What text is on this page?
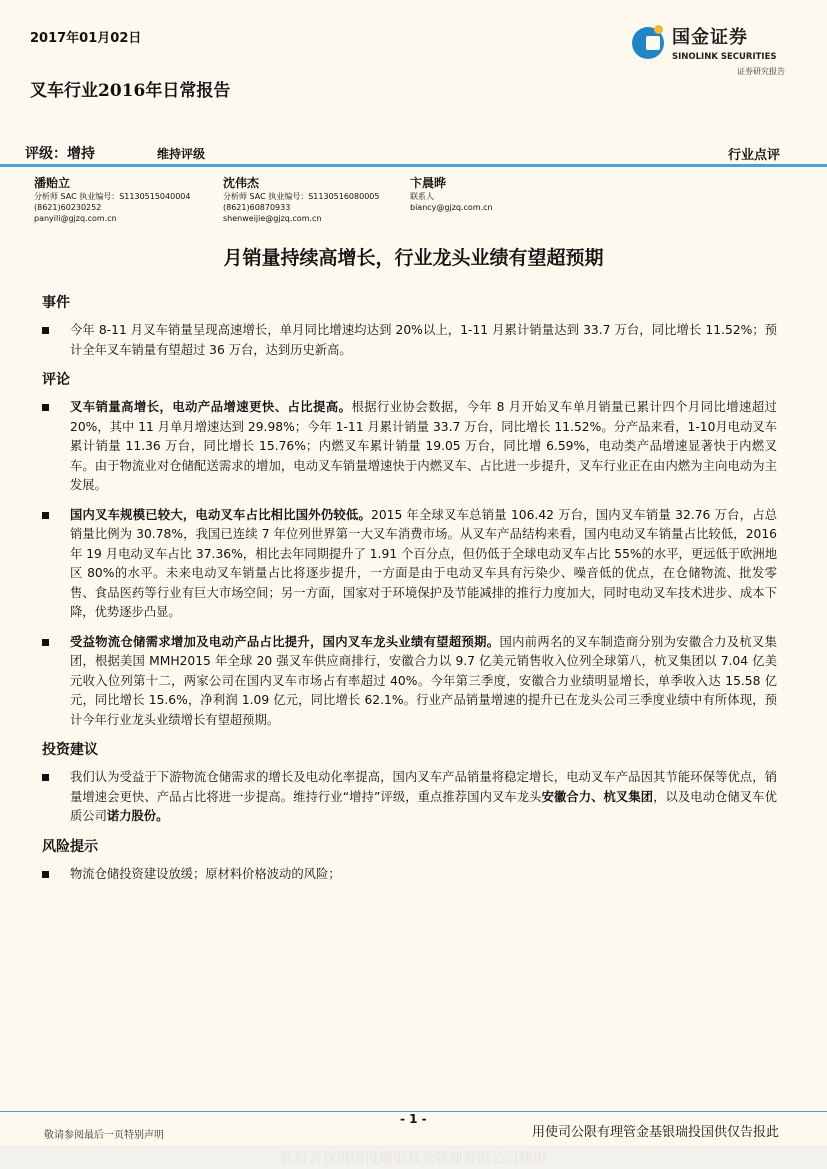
2017年01月02日	国金证券
SINOLINK SECURITIES
证券研究报告
叉车行业2016年日常报告
评级：增持	维持评级	行业点评
潘贻立
分析师 SAC 执业编号：S1130515040004
(8621)60230252
panyili@gjzq.com.cn
沈伟杰
分析师 SAC 执业编号：S1130516080005
(8621)60870933
shenweijie@gjzq.com.cn
卞晨晔
联系人
biancy@gjzq.com.cn
月销量持续高增长，行业龙头业绩有望超预期
事件
今年 8-11 月叉车销量呈现高速增长，单月同比增速均达到 20%以上，1-11 月累计销量达到 33.7 万台，同比增长 11.52%；预计全年叉车销量有望超过 36 万台，达到历史新高。
评论
叉车销量高增长，电动产品增速更快、占比提高。根据行业协会数据，今年 8 月开始叉车单月销量已累计四个月同比增速超过 20%，其中 11 月单月增速达到 29.98%；今年 1-11 月累计销量 33.7 万台，同比增长 11.52%。分产品来看，1-10月电动叉车累计销量 11.36 万台，同比增长 15.76%；内燃叉车累计销量 19.05 万台，同比增 6.59%，电动类产品增速显著快于内燃叉车。由于物流业对仓储配送需求的增加，电动叉车销量增速快于内燃叉车、占比进一步提升，叉车行业正在由内燃为主向电动为主发展。
国内叉车规模已较大，电动叉车占比相比国外仍较低。2015 年全球叉车总销量 106.42 万台，国内叉车销量 32.76 万台，占总销量比例为 30.78%，我国已连续 7 年位列世界第一大叉车消费市场。从叉车产品结构来看，国内电动叉车销量占比较低，2016 年 19 月电动叉车占比 37.36%，相比去年同期提升了 1.91 个百分点，但仍低于全球电动叉车占比 55%的水平，更远低于欧洲地区 80%的水平。未来电动叉车销量占比将逐步提升，一方面是由于电动叉车具有污染少、噪音低的优点，在仓储物流、批发零售、食品医药等行业有巨大市场空间；另一方面，国家对于环境保护及节能减排的推行力度加大，同时电动叉车技术进步、成本下降，优势逐步凸显。
受益物流仓储需求增加及电动产品占比提升，国内叉车龙头业绩有望超预期。国内前两名的叉车制造商分别为安徽合力及杭叉集团，根据美国 MMH2015 年全球 20 强叉车供应商排行，安徽合力以 9.7 亿美元销售收入位列全球第八，杭叉集团以 7.04 亿美元收入位列第十二，两家公司在国内叉车市场占有率超过 40%。今年第三季度，安徽合力业绩明显增长，单季收入达 15.58 亿元，同比增长 15.6%，净利润 1.09 亿元，同比增长 62.1%。行业产品销量增速的提升已在龙头公司三季度业绩中有所体现，预计今年行业龙头业绩增长有望超预期。
投资建议
我们认为受益于下游物流仓储需求的增长及电动化率提高，国内叉车产品销量将稳定增长，电动叉车产品因其节能环保等优点，销量增速会更快、产品占比将进一步提高。维持行业“增持”评级，重点推荐国内叉车龙头安徽合力、杭叉集团，以及电动仓储叉车优质公司诺力股份。
风险提示
物流仓储投资建设放缓；原材料价格波动的风险；
- 1 -
敬请参阅最后一页特别声明	用使司公限有理管金基银瑞投国供仅告报此
此报告仅供国投瑞银基金管理有限公司使用
